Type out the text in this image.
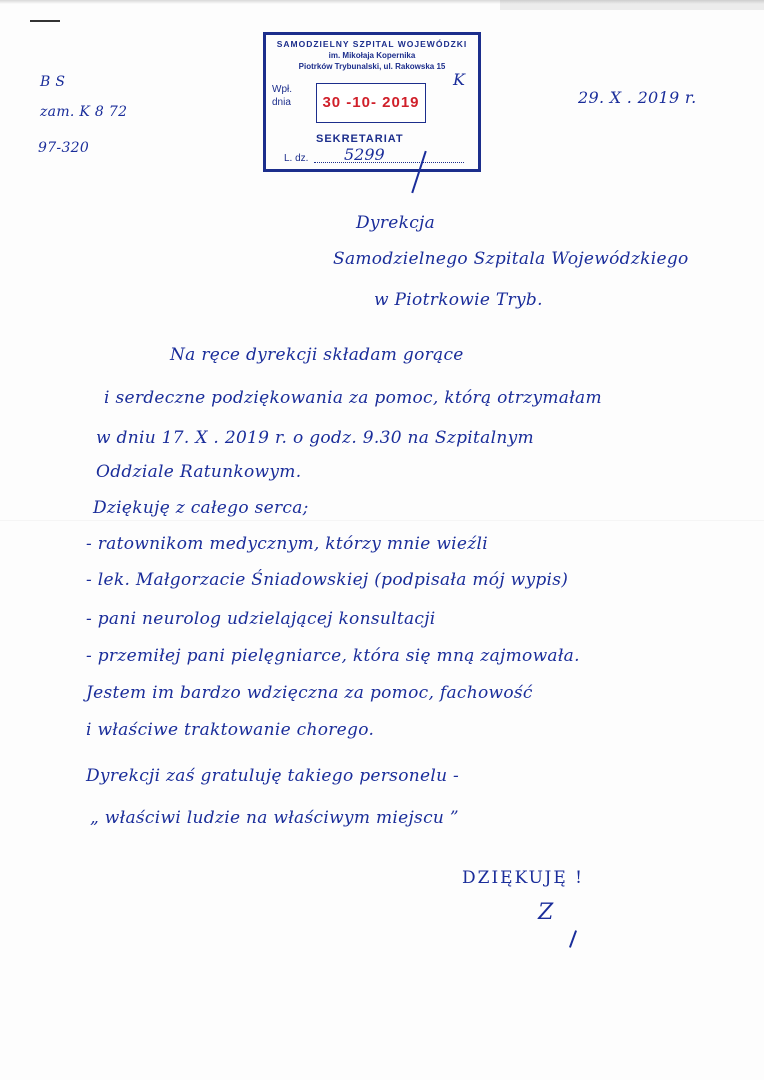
B S
zam. K 8 72
97-320
SAMODZIELNY SZPITAL WOJEWÓDZKI
im. Mikołaja Kopernika
Piotrków Trybunalski, ul. Rakowska 15
Wpł. dnia	30 -10- 2019
SEKRETARIAT
L. dz. 5299
K
29. X . 2019 r.
Dyrekcja
Samodzielnego Szpitala Wojewódzkiego
w Piotrkowie Tryb.
Na ręce dyrekcji składam gorące
i serdeczne podziękowania za pomoc, którą otrzymałam
w dniu 17. X . 2019 r. o godz. 9.30 na Szpitalnym
Oddziale Ratunkowym.
Dziękuję z całego serca;
- ratownikom medycznym, którzy mnie wieźli
- lek. Małgorzacie Śniadowskiej (podpisała mój wypis)
- pani neurolog udzielającej konsultacji
- przemiłej pani pielęgniarce, która się mną zajmowała.
Jestem im bardzo wdzięczna za pomoc, fachowość
i właściwe traktowanie chorego.
Dyrekcji zaś gratuluję takiego personelu -
„ właściwi ludzie na właściwym miejscu ”
DZIĘKUJĘ !
Z
